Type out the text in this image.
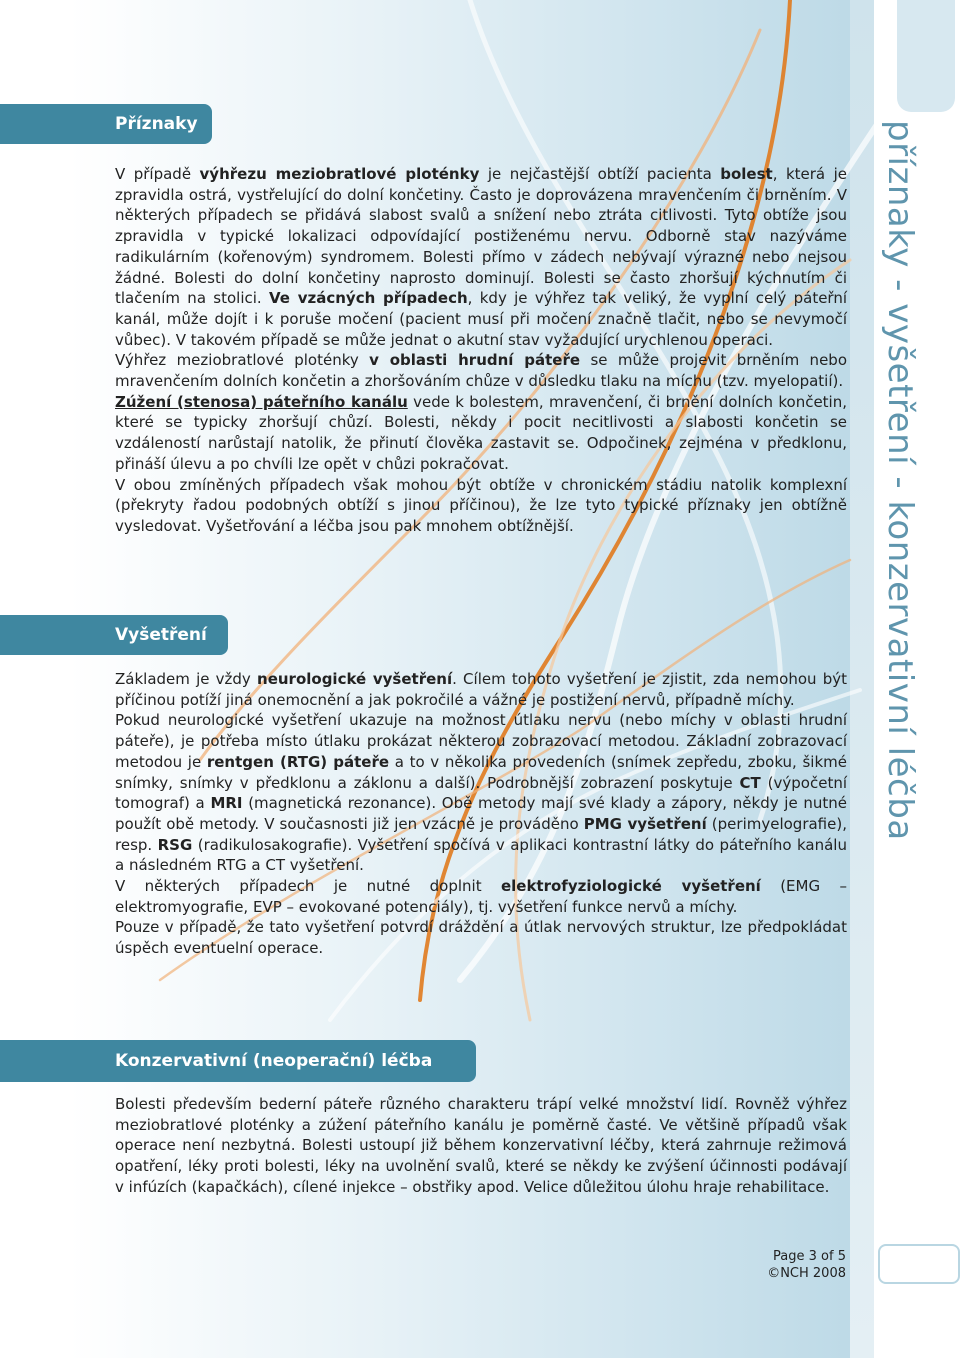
příznaky - vyšetření - konzervativní léčba
Příznaky

V případě výhřezu meziobratlové ploténky je nejčastější obtíží pacienta bolest, která je zpravidla ostrá, vystřelující do dolní končetiny. Často je doprovázena mravenčením či brněním. V některých případech se přidává slabost svalů a snížení nebo ztráta citlivosti. Tyto obtíže jsou zpravidla v typické lokalizaci odpovídající postiženému nervu. Odborně stav nazýváme radikulárním (kořenovým) syndromem. Bolesti přímo v zádech nebývají výrazné nebo nejsou žádné. Bolesti do dolní končetiny naprosto dominují. Bolesti se často zhoršují kýchnutím či tlačením na stolici. Ve vzácných případech, kdy je výhřez tak veliký, že vyplní celý páteřní kanál, může dojít i k poruše močení (pacient musí při močení značně tlačit, nebo se nevymočí vůbec). V takovém případě se může jednat o akutní stav vyžadující urychlenou operaci.

Výhřez meziobratlové ploténky v oblasti hrudní páteře se může projevit brněním nebo mravenčením dolních končetin a zhoršováním chůze v důsledku tlaku na míchu (tzv. myelopatií).

Zúžení (stenosa) páteřního kanálu vede k bolestem, mravenčení, či brnění dolních končetin, které se typicky zhoršují chůzí. Bolesti, někdy i pocit necitlivosti a slabosti končetin se vzdáleností narůstají natolik, že přinutí člověka zastavit se. Odpočinek, zejména v předklonu, přináší úlevu a po chvíli lze opět v chůzi pokračovat.

V obou zmíněných případech však mohou být obtíže v chronickém stádiu natolik komplexní (překryty řadou podobných obtíží s jinou příčinou), že lze tyto typické příznaky jen obtížně vysledovat. Vyšetřování a léčba jsou pak mnohem obtížnější.

Vyšetření

Základem je vždy neurologické vyšetření. Cílem tohoto vyšetření je zjistit, zda nemohou být příčinou potíží jiná onemocnění a jak pokročilé a vážné je postižení nervů, případně míchy.

Pokud neurologické vyšetření ukazuje na možnost útlaku nervu (nebo míchy v oblasti hrudní páteře), je potřeba místo útlaku prokázat některou zobrazovací metodou. Základní zobrazovací metodou je rentgen (RTG) páteře a to v několika provedeních (snímek zepředu, zboku, šikmé snímky, snímky v předklonu a záklonu a další). Podrobnější zobrazení poskytuje CT (výpočetní tomograf) a MRI (magnetická rezonance). Obě metody mají své klady a zápory, někdy je nutné použít obě metody. V současnosti již jen vzácně je prováděno PMG vyšetření (perimyelografie), resp. RSG (radikulosakografie). Vyšetření spočívá v aplikaci kontrastní látky do páteřního kanálu a následném RTG a CT vyšetření.

V některých případech je nutné doplnit elektrofyziologické vyšetření (EMG – elektromyografie, EVP – evokované potenciály), tj. vyšetření funkce nervů a míchy.

Pouze v případě, že tato vyšetření potvrdí dráždění a útlak nervových struktur, lze předpokládat úspěch eventuelní operace.

Konzervativní (neoperační) léčba

Bolesti především bederní páteře různého charakteru trápí velké množství lidí. Rovněž výhřez meziobratlové ploténky a zúžení páteřního kanálu je poměrně časté. Ve většině případů však operace není nezbytná. Bolesti ustoupí již během konzervativní léčby, která zahrnuje režimová opatření, léky proti bolesti, léky na uvolnění svalů, které se někdy ke zvýšení účinnosti podávají v infúzích (kapačkách), cílené injekce – obstřiky apod. Velice důležitou úlohu hraje rehabilitace.

Page 3 of 5
©NCH 2008
